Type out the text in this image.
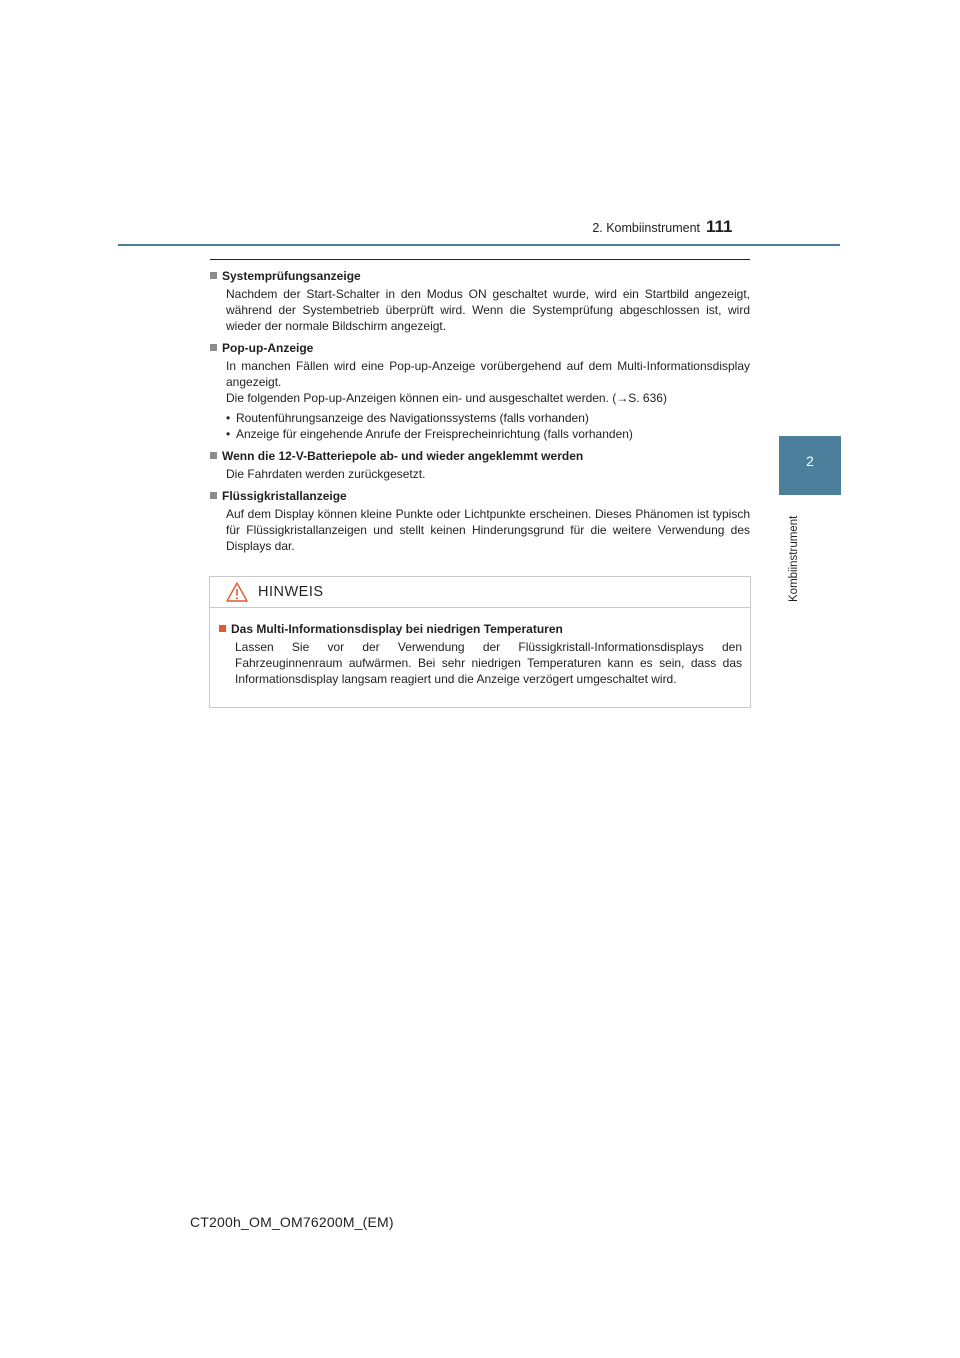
2. Kombiinstrument 111
2
Kombiinstrument
Systemprüfungsanzeige

Nachdem der Start-Schalter in den Modus ON geschaltet wurde, wird ein Startbild angezeigt, während der Systembetrieb überprüft wird. Wenn die Systemprüfung abgeschlossen ist, wird wieder der normale Bildschirm angezeigt.

Pop-up-Anzeige

In manchen Fällen wird eine Pop-up-Anzeige vorübergehend auf dem Multi-Informationsdisplay angezeigt.

Die folgenden Pop-up-Anzeigen können ein- und ausgeschaltet werden. (→S. 636)

• Routenführungsanzeige des Navigationssystems (falls vorhanden)
• Anzeige für eingehende Anrufe der Freisprecheinrichtung (falls vorhanden)
Wenn die 12-V-Batteriepole ab- und wieder angeklemmt werden

Die Fahrdaten werden zurückgesetzt.

Flüssigkristallanzeige

Auf dem Display können kleine Punkte oder Lichtpunkte erscheinen. Dieses Phänomen ist typisch für Flüssigkristallanzeigen und stellt keinen Hinderungsgrund für die weitere Verwendung des Displays dar.

HINWEIS
Das Multi-Informationsdisplay bei niedrigen Temperaturen

Lassen Sie vor der Verwendung der Flüssigkristall-Informationsdisplays den Fahrzeuginnenraum aufwärmen. Bei sehr niedrigen Temperaturen kann es sein, dass das Informationsdisplay langsam reagiert und die Anzeige verzögert umgeschaltet wird.

CT200h_OM_OM76200M_(EM)
